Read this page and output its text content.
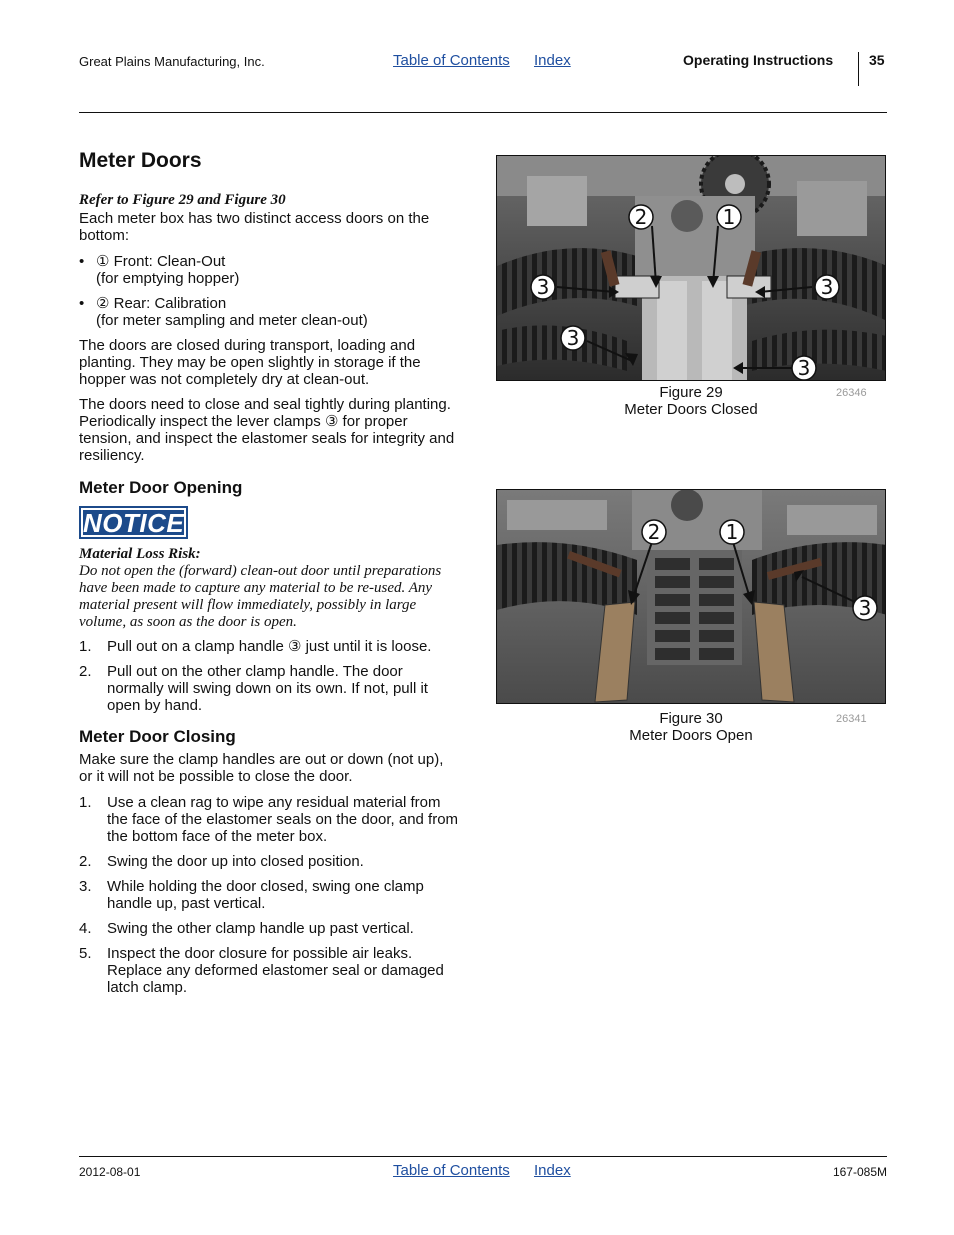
Great Plains Manufacturing, Inc.	Table of Contents Index	Operating Instructions	35
Meter Doors
Refer to Figure 29 and Figure 30
Each meter box has two distinct access doors on the
bottom:
• ① Front: Clean-Out
(for emptying hopper)
• ② Rear: Calibration
(for meter sampling and meter clean-out)
The doors are closed during transport, loading and
planting. They may be open slightly in storage if the
hopper was not completely dry at clean-out.
The doors need to close and seal tightly during planting.
Periodically inspect the lever clamps ③ for proper
tension, and inspect the elastomer seals for integrity and
resiliency.
Meter Door Opening
NOTICE
Material Loss Risk:
Do not open the (forward) clean-out door until preparations
have been made to capture any material to be re-used. Any
material present will flow immediately, possibly in large
volume, as soon as the door is open.
1. Pull out on a clamp handle ③ just until it is loose.
2. Pull out on the other clamp handle. The door
normally will swing down on its own. If not, pull it
open by hand.
Meter Door Closing
Make sure the clamp handles are out or down (not up),
or it will not be possible to close the door.
1. Use a clean rag to wipe any residual material from
the face of the elastomer seals on the door, and from
the bottom face of the meter box.
2. Swing the door up into closed position.
3. While holding the door closed, swing one clamp
handle up, past vertical.
4. Swing the other clamp handle up past vertical.
5. Inspect the door closure for possible air leaks.
Replace any deformed elastomer seal or damaged
latch clamp.
2	1
3	3
3
3
Figure 29
Meter Doors Closed
26346
2	1
3
Figure 30
Meter Doors Open
26341
2012-08-01	Table of Contents Index	167-085M
